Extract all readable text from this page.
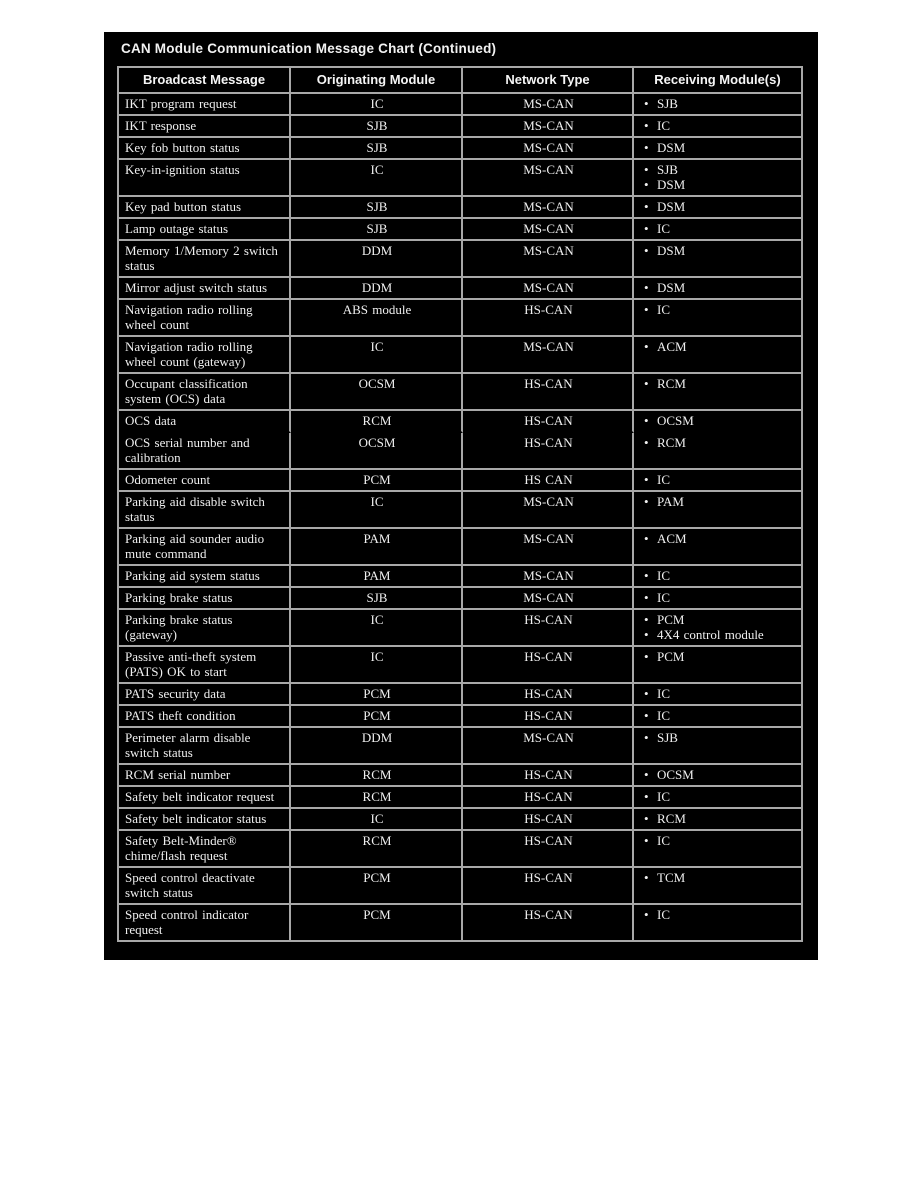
CAN Module Communication Message Chart (Continued)
Broadcast Message	Originating Module	Network Type	Receiving Module(s)
IKT program request	IC	MS-CAN	• SJB

IKT response	SJB	MS-CAN	• IC

Key fob button status	SJB	MS-CAN	• DSM

Key-in-ignition status	IC	MS-CAN	• SJB
• DSM

Key pad button status	SJB	MS-CAN	• DSM

Lamp outage status	SJB	MS-CAN	• IC

Memory 1/Memory 2 switch status	DDM	MS-CAN	• DSM

Mirror adjust switch status	DDM	MS-CAN	• DSM

Navigation radio rolling wheel count	ABS module	HS-CAN	• IC

Navigation radio rolling wheel count (gateway)	IC	MS-CAN	• ACM

Occupant classification system (OCS) data	OCSM	HS-CAN	• RCM

OCS data	RCM	HS-CAN	• OCSM

OCS serial number and calibration	OCSM	HS-CAN	• RCM

Odometer count	PCM	HS CAN	• IC

Parking aid disable switch status	IC	MS-CAN	• PAM

Parking aid sounder audio mute command	PAM	MS-CAN	• ACM

Parking aid system status	PAM	MS-CAN	• IC

Parking brake status	SJB	MS-CAN	• IC

Parking brake status (gateway)	IC	HS-CAN	• PCM
• 4X4 control module

Passive anti-theft system (PATS) OK to start	IC	HS-CAN	• PCM

PATS security data	PCM	HS-CAN	• IC

PATS theft condition	PCM	HS-CAN	• IC

Perimeter alarm disable switch status	DDM	MS-CAN	• SJB

RCM serial number	RCM	HS-CAN	• OCSM

Safety belt indicator request	RCM	HS-CAN	• IC

Safety belt indicator status	IC	HS-CAN	• RCM

Safety Belt-Minder® chime/flash request	RCM	HS-CAN	• IC

Speed control deactivate switch status	PCM	HS-CAN	• TCM

Speed control indicator request	PCM	HS-CAN	• IC
